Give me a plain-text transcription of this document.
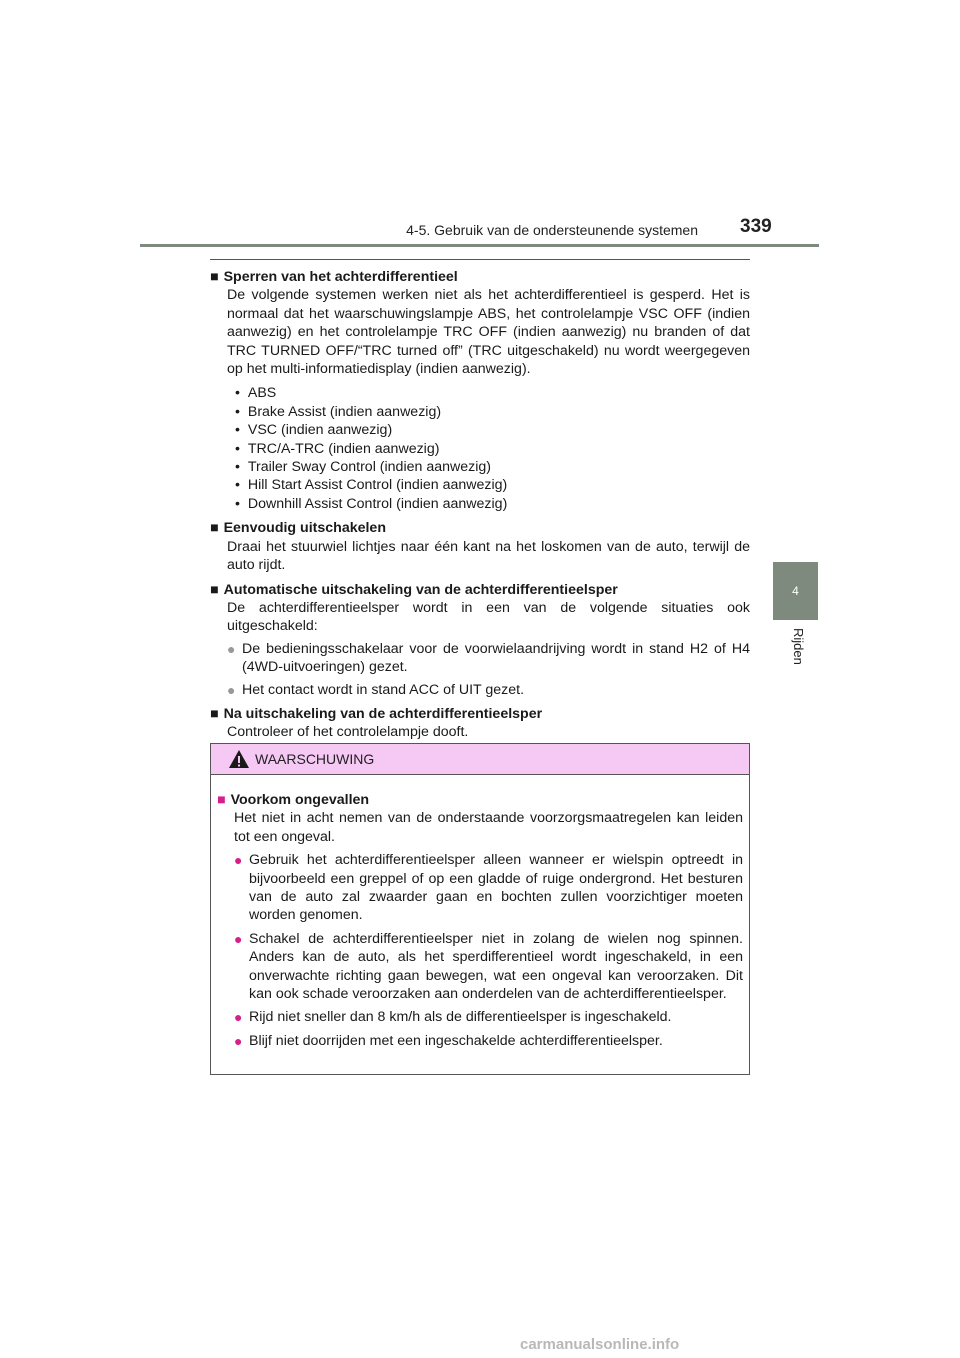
4-5. Gebruik van de ondersteunende systemen 339
4
Rijden
■ Sperren van het achterdifferentieel
De volgende systemen werken niet als het achterdifferentieel is gesperd. Het is normaal dat het waarschuwingslampje ABS, het controlelampje VSC OFF (indien aanwezig) en het controlelampje TRC OFF (indien aanwezig) nu branden of dat TRC TURNED OFF/“TRC turned off” (TRC uitgeschakeld) nu wordt weergegeven op het multi-informatiedisplay (indien aanwezig).
• ABS
• Brake Assist (indien aanwezig)
• VSC (indien aanwezig)
• TRC/A-TRC (indien aanwezig)
• Trailer Sway Control (indien aanwezig)
• Hill Start Assist Control (indien aanwezig)
• Downhill Assist Control (indien aanwezig)
■ Eenvoudig uitschakelen
Draai het stuurwiel lichtjes naar één kant na het loskomen van de auto, terwijl de auto rijdt.
■ Automatische uitschakeling van de achterdifferentieelsper
De achterdifferentieelsper wordt in een van de volgende situaties ook uitgeschakeld:
● De bedieningsschakelaar voor de voorwielaandrijving wordt in stand H2 of H4 (4WD-uitvoeringen) gezet.
● Het contact wordt in stand ACC of UIT gezet.
■ Na uitschakeling van de achterdifferentieelsper
Controleer of het controlelampje dooft.
WAARSCHUWING
■ Voorkom ongevallen
Het niet in acht nemen van de onderstaande voorzorgsmaatregelen kan leiden tot een ongeval.
● Gebruik het achterdifferentieelsper alleen wanneer er wielspin optreedt in bijvoorbeeld een greppel of op een gladde of ruige ondergrond. Het besturen van de auto zal zwaarder gaan en bochten zullen voorzichtiger moeten worden genomen.
● Schakel de achterdifferentieelsper niet in zolang de wielen nog spinnen. Anders kan de auto, als het sperdifferentieel wordt ingeschakeld, in een onverwachte richting gaan bewegen, wat een ongeval kan veroorzaken. Dit kan ook schade veroorzaken aan onderdelen van de achterdifferentieelsper.
● Rijd niet sneller dan 8 km/h als de differentieelsper is ingeschakeld.
● Blijf niet doorrijden met een ingeschakelde achterdifferentieelsper.
carmanualsonline.info
